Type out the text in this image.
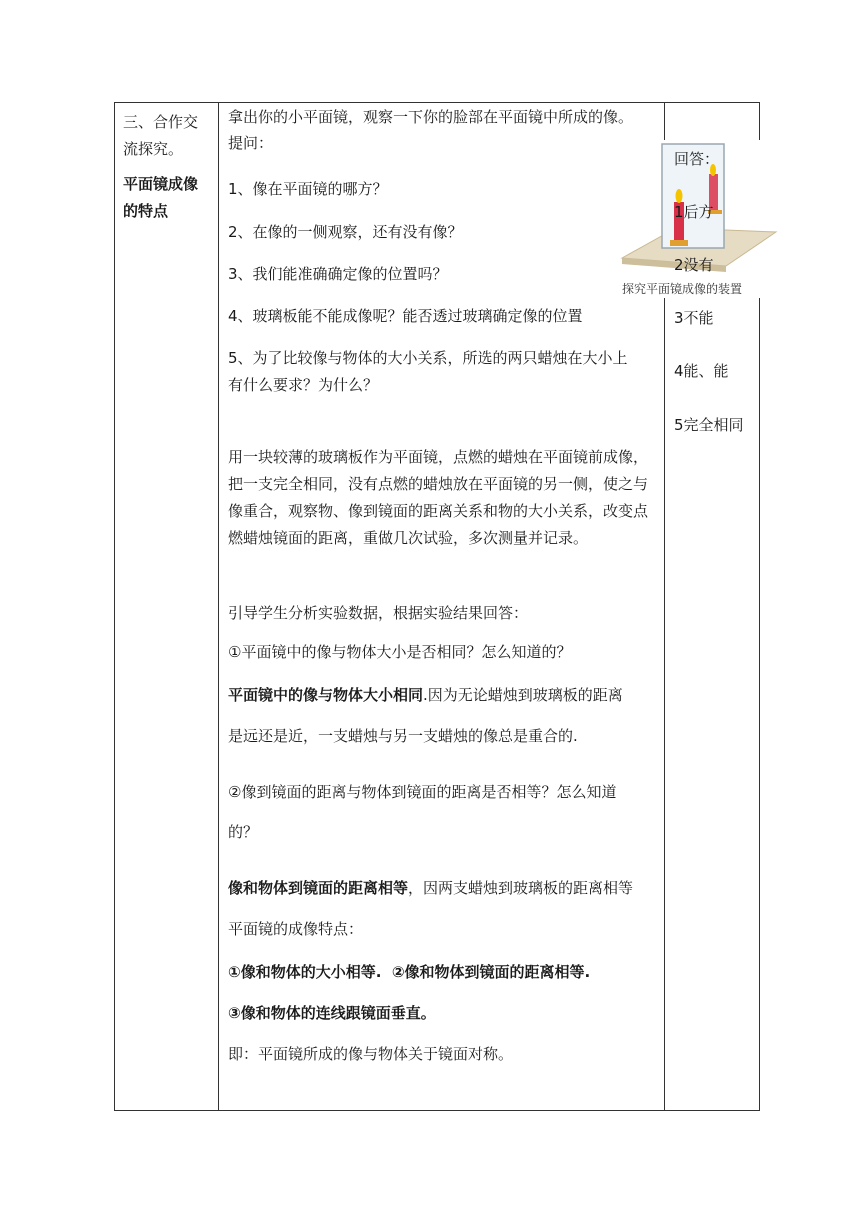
三、合作交
流探究。
平面镜成像
的特点
拿出你的小平面镜，观察一下你的脸部在平面镜中所成的像。
提问：
1、像在平面镜的哪方？
2、在像的一侧观察，还有没有像？
3、我们能准确确定像的位置吗？
4、玻璃板能不能成像呢？能否透过玻璃确定像的位置
5、为了比较像与物体的大小关系，所选的两只蜡烛在大小上
有什么要求？为什么？
探究平面镜成像的装置
用一块较薄的玻璃板作为平面镜，点燃的蜡烛在平面镜前成像，把一支完全相同，没有点燃的蜡烛放在平面镜的另一侧，使之与像重合，观察物、像到镜面的距离关系和物的大小关系，改变点燃蜡烛镜面的距离，重做几次试验，多次测量并记录。
引导学生分析实验数据，根据实验结果回答：
①平面镜中的像与物体大小是否相同？怎么知道的？
平面镜中的像与物体大小相同.因为无论蜡烛到玻璃板的距离
是远还是近，一支蜡烛与另一支蜡烛的像总是重合的.
②像到镜面的距离与物体到镜面的距离是否相等？怎么知道
的？
像和物体到镜面的距离相等，因两支蜡烛到玻璃板的距离相等
平面镜的成像特点：
①像和物体的大小相等. ②像和物体到镜面的距离相等.
③像和物体的连线跟镜面垂直。
即：平面镜所成的像与物体关于镜面对称。
回答：
1后方
2没有
3不能
4能、能
5完全相同
